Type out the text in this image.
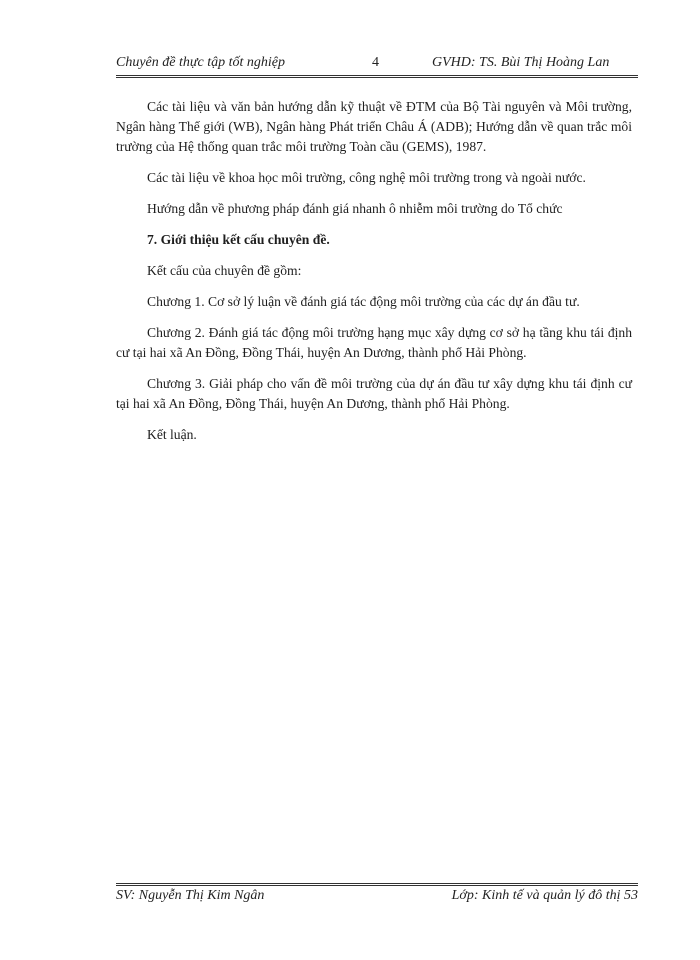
Chuyên đề thực tập tốt nghiệp	4	GVHD: TS. Bùi Thị Hoàng Lan

Các tài liệu và văn bản hướng dẫn kỹ thuật về ĐTM của Bộ Tài nguyên và Môi trường, Ngân hàng Thế giới (WB), Ngân hàng Phát triển Châu Á (ADB); Hướng dẫn về quan trắc môi trường của Hệ thống quan trắc môi trường Toàn cầu (GEMS), 1987.

Các tài liệu về khoa học môi trường, công nghệ môi trường trong và ngoài nước.

Hướng dẫn về phương pháp đánh giá nhanh ô nhiễm môi trường do Tổ chức

7. Giới thiệu kết cấu chuyên đề.

Kết cấu của chuyên đề gồm:

Chương 1. Cơ sở lý luận về đánh giá tác động môi trường của các dự án đầu tư.

Chương 2. Đánh giá tác động môi trường hạng mục xây dựng cơ sở hạ tầng khu tái định cư tại hai xã An Đồng, Đồng Thái, huyện An Dương, thành phố Hải Phòng.

Chương 3. Giải pháp cho vấn đề môi trường của dự án đầu tư xây dựng khu tái định cư tại hai xã An Đồng, Đồng Thái, huyện An Dương, thành phố Hải Phòng.

Kết luận.

SV: Nguyễn Thị Kim Ngân	Lớp: Kinh tế và quản lý đô thị 53
